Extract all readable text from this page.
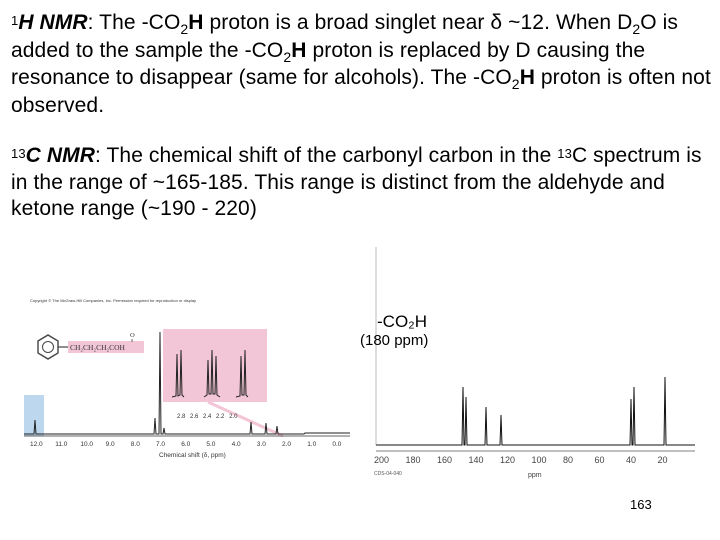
$^1$H NMR: The $-CO_2H$ proton is a broad singlet near δ ~12. When $D_2O$ is added to the sample the $-CO_2H$ proton is replaced by D causing the resonance to disappear (same for alcohols). The $-CO_2H$ proton is often not observed.
$^{13}$C NMR: The chemical shift of the carbonyl carbon in the $^{13}$C spectrum is in the range of ~165-185. This range is distinct from the aldehyde and ketone range (~190 - 220)
Copyright © The McGraw-Hill Companies, Inc. Permission required for reproduction or display
CH₂CH₂CH₂COH
O
2.8 2.6 2.4 2.2 2.0
12.0 11.0 10.0 9.0 8.0 7.0 6.0 5.0 4.0 3.0 2.0 1.0 0.0
Chemical shift (δ, ppm)	200 180 160 140 120 100 80 60 40 20
CDS-04-040	ppm
-CO₂H
(180 ppm)
163
